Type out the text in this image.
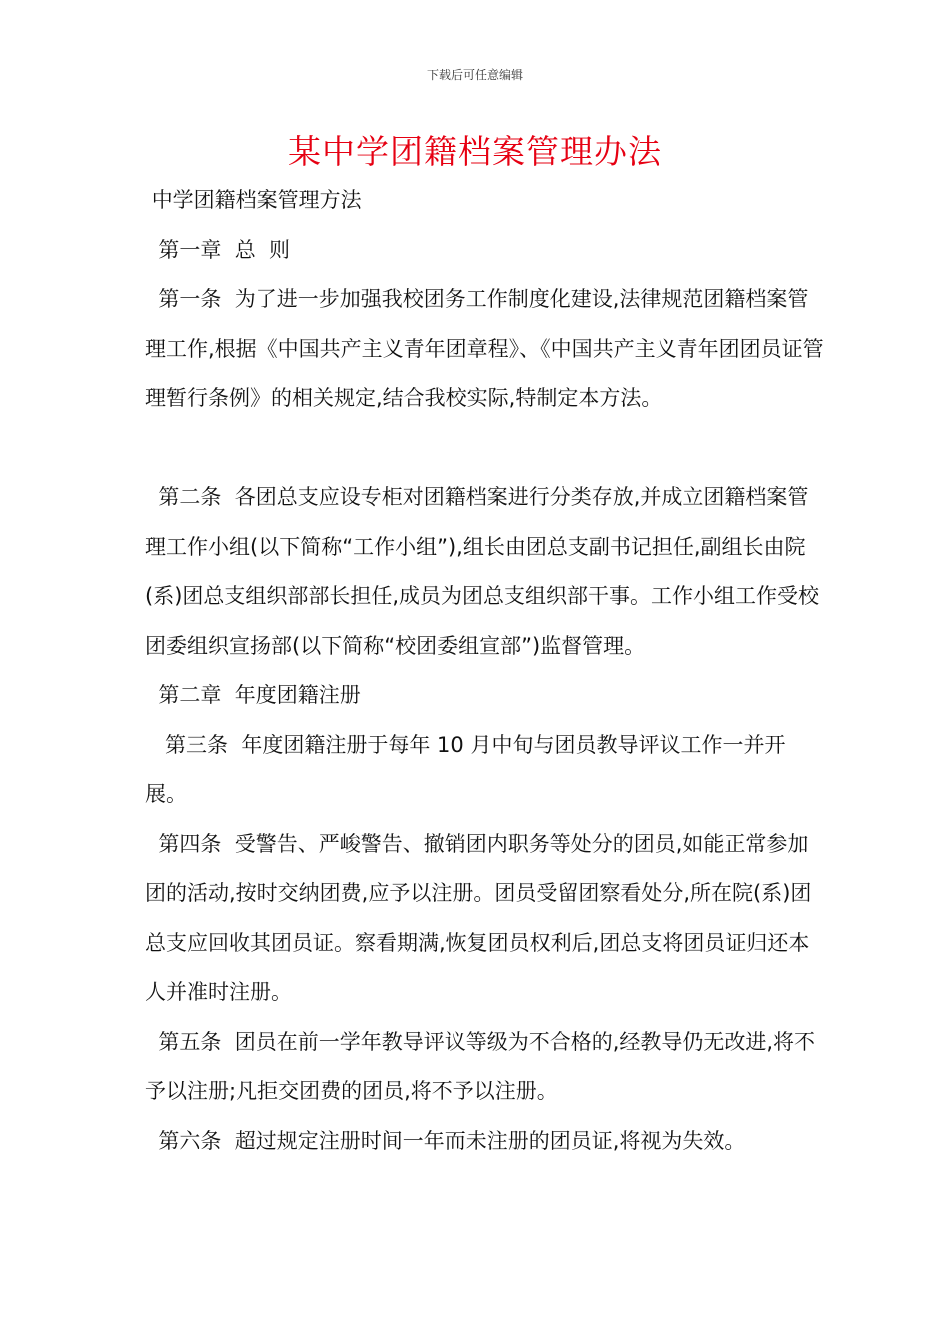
下载后可任意编辑
某中学团籍档案管理办法

中学团籍档案管理方法

第一章  总  则

第一条  为了进一步加强我校团务工作制度化建设,法律规范团籍档案管理工作,根据《中国共产主义青年团章程》、《中国共产主义青年团团员证管理暂行条例》的相关规定,结合我校实际,特制定本方法。

第二条  各团总支应设专柜对团籍档案进行分类存放,并成立团籍档案管理工作小组(以下简称“工作小组”),组长由团总支副书记担任,副组长由院(系)团总支组织部部长担任,成员为团总支组织部干事。工作小组工作受校团委组织宣扬部(以下简称“校团委组宣部”)监督管理。

第二章  年度团籍注册

第三条  年度团籍注册于每年 10 月中旬与团员教导评议工作一并开展。

第四条  受警告、严峻警告、撤销团内职务等处分的团员,如能正常参加团的活动,按时交纳团费,应予以注册。团员受留团察看处分,所在院(系)团总支应回收其团员证。察看期满,恢复团员权利后,团总支将团员证归还本人并准时注册。

第五条  团员在前一学年教导评议等级为不合格的,经教导仍无改进,将不予以注册;凡拒交团费的团员,将不予以注册。

第六条  超过规定注册时间一年而未注册的团员证,将视为失效。
